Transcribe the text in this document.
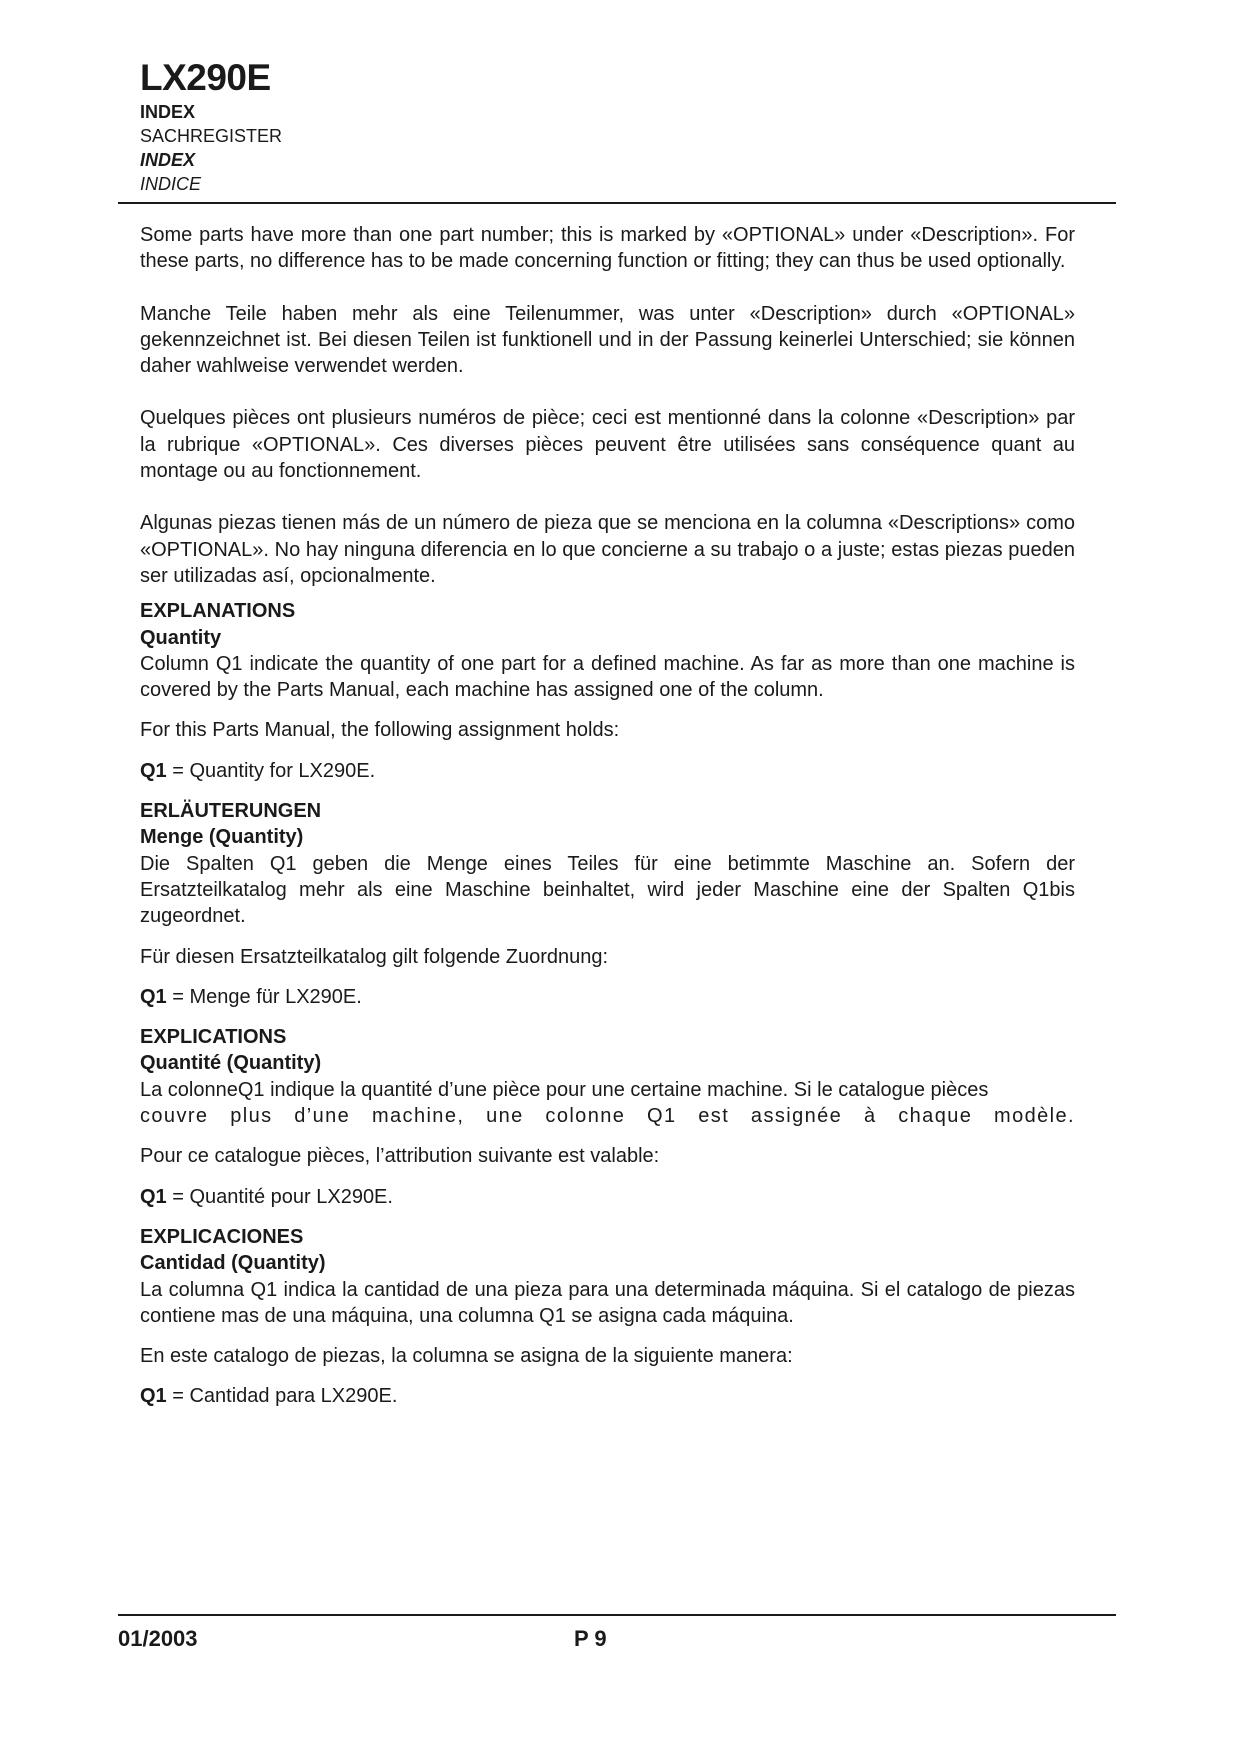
LX290E
INDEX
SACHREGISTER
INDEX
INDICE

Some parts have more than one part number; this is marked by «OPTIONAL» under «Description». For these parts, no difference has to be made concerning function or fitting; they can thus be used optionally.

Manche Teile haben mehr als eine Teilenummer, was unter «Description» durch «OPTIONAL» gekennzeichnet ist. Bei diesen Teilen ist funktionell und in der Passung keinerlei Unterschied; sie können daher wahlweise verwendet werden.

Quelques pièces ont plusieurs numéros de pièce; ceci est mentionné dans la colonne «Description» par la rubrique «OPTIONAL». Ces diverses pièces peuvent être utilisées sans conséquence quant au montage ou au fonctionnement.

Algunas piezas tienen más de un número de pieza que se menciona en la columna «Descriptions» como «OPTIONAL». No hay ninguna diferencia en lo que concierne a su trabajo o a juste; estas piezas pueden ser utilizadas así, opcionalmente.

EXPLANATIONS

Quantity

Column Q1 indicate the quantity of one part for a defined machine. As far as more than one machine is covered by the Parts Manual, each machine has assigned one of the column.

For this Parts Manual, the following assignment holds:

Q1 = Quantity for LX290E.

ERLÄUTERUNGEN

Menge (Quantity)

Die Spalten Q1 geben die Menge eines Teiles für eine betimmte Maschine an. Sofern der Ersatzteilkatalog mehr als eine Maschine beinhaltet, wird jeder Maschine eine der Spalten Q1bis zugeordnet.

Für diesen Ersatzteilkatalog gilt folgende Zuordnung:

Q1 = Menge für LX290E.

EXPLICATIONS

Quantité (Quantity)

La colonneQ1 indique la quantité d’une pièce pour une certaine machine. Si le catalogue pièces

couvre plus d’une machine, une colonne Q1 est assignée à chaque modèle.

Pour ce catalogue pièces, l’attribution suivante est valable:

Q1 = Quantité pour LX290E.

EXPLICACIONES

Cantidad (Quantity)

La columna Q1 indica la cantidad de una pieza para una determinada máquina. Si el catalogo de piezas contiene mas de una máquina, una columna Q1 se asigna cada máquina.

En este catalogo de piezas, la columna se asigna de la siguiente manera:

Q1 = Cantidad para LX290E.

01/2003	P 9
